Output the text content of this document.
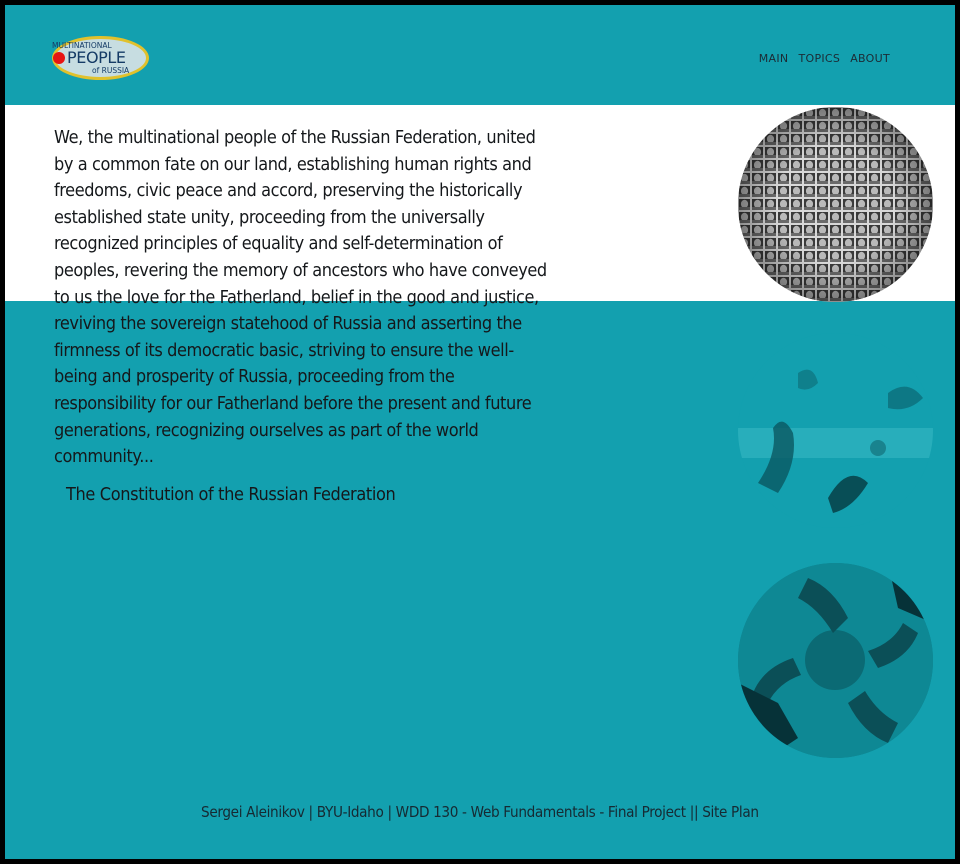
MULTINATIONAL
PEOPLE
of RUSSIA
MAIN TOPICS ABOUT

We, the multinational people of the Russian Federation, united by a common fate on our land, establishing human rights and freedoms, civic peace and accord, preserving the historically established state unity, proceeding from the universally recognized principles of equality and self-determination of peoples, revering the memory of ancestors who have conveyed to us the love for the Fatherland, belief in the good and justice, reviving the sovereign statehood of Russia and asserting the firmness of its democratic basic, striving to ensure the well-being and prosperity of Russia, proceeding from the responsibility for our Fatherland before the present and future generations, recognizing ourselves as part of the world community...

The Constitution of the Russian Federation

Sergei Aleinikov | BYU-Idaho | WDD 130 - Web Fundamentals - Final Project || Site Plan
